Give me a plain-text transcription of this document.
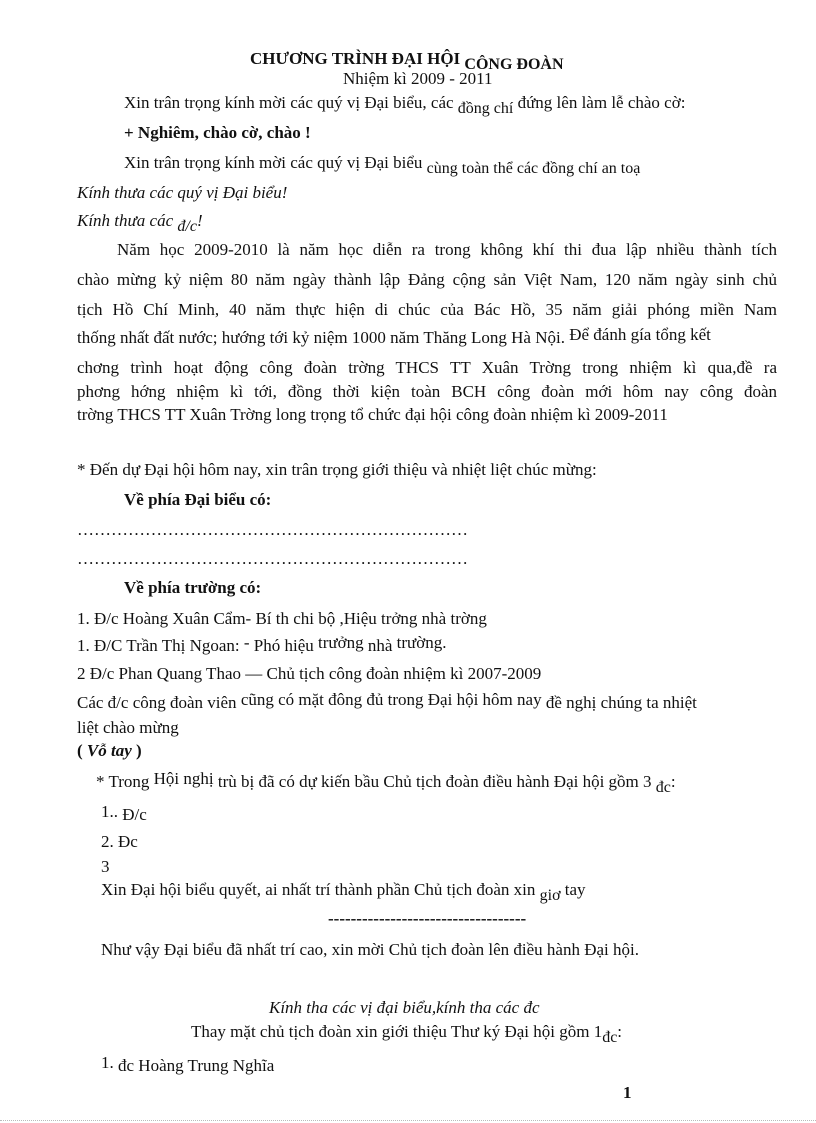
CHƯƠNG TRÌNH ĐẠI HỘI CÔNG ĐOÀN
Nhiệm kì 2009 - 2011
Xin trân trọng kính mời các quý vị Đại biểu, các đồng chí đứng lên làm lễ chào cờ:
+ Nghiêm, chào cờ, chào !
Xin trân trọng kính mời các quý vị Đại biểu cùng toàn thể các đồng chí an toạ
Kính thưa các quý vị Đại biểu!
Kính thưa các đ/c!
Năm học 2009-2010 là năm học diễn ra trong không khí thi đua lập nhiều thành tích
chào mừng kỷ niệm 80 năm ngày thành lập Đảng cộng sản Việt Nam, 120 năm ngày sinh chủ
tịch Hồ Chí Minh, 40 năm thực hiện di chúc của Bác Hồ, 35 năm giải phóng miền Nam
thống nhất đất nước; hướng tới kỷ niệm 1000 năm Thăng Long Hà Nội. Để đánh gía tổng kết
chơng trình hoạt động công đoàn trờng THCS TT Xuân Trờng trong nhiệm kì qua,đề ra
phơng hớng nhiệm kì tới, đồng thời kiện toàn BCH công đoàn mới hôm nay công đoàn
trờng THCS TT Xuân Trờng long trọng tổ chức đại hội công đoàn nhiệm kì 2009-2011
* Đến dự Đại hội hôm nay, xin trân trọng giới thiệu và nhiệt liệt chúc mừng:
Về phía Đại biểu có:
……………………………………………………………
……………………………………………………………
Về phía trường có:
1. Đ/c Hoàng Xuân Cẩm- Bí th chi bộ ,Hiệu trởng nhà trờng
1. Đ/C Trần Thị Ngoan: - Phó hiệu trưởng nhà trường.
2 Đ/c Phan Quang Thao — Chủ tịch công đoàn nhiệm kì 2007-2009
Các đ/c công đoàn viên cũng có mặt đông đủ trong Đại hội hôm nay đề nghị chúng ta nhiệt
liệt chào mừng
( Vỗ tay )
* Trong Hội nghị trù bị đã có dự kiến bầu Chủ tịch đoàn điều hành Đại hội gồm 3 đc:
1.. Đ/c
2. Đc
3
Xin Đại hội biểu quyết, ai nhất trí thành phần Chủ tịch đoàn xin giơ tay
-----------------------------------
Như vậy Đại biểu đã nhất trí cao, xin mời Chủ tịch đoàn lên điều hành Đại hội.
Kính tha các vị đại biểu,kính tha các đc
Thay mặt chủ tịch đoàn xin giới thiệu Thư ký Đại hội gồm 1đc:
1. đc Hoàng Trung Nghĩa
1
